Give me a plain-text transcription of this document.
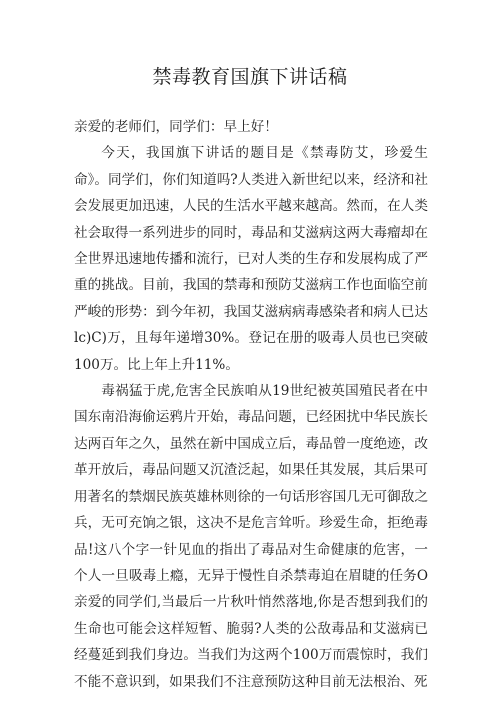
禁毒教育国旗下讲话稿

亲爱的老师们，同学们：早上好！

今天，我国旗下讲话的题目是《禁毒防艾，珍爱生命》。同学们，你们知道吗?人类进入新世纪以来，经济和社会发展更加迅速，人民的生活水平越来越高。然而，在人类社会取得一系列进步的同时，毒品和艾滋病这两大毒瘤却在全世界迅速地传播和流行，已对人类的生存和发展构成了严重的挑战。目前，我国的禁毒和预防艾滋病工作也面临空前严峻的形势：到今年初，我国艾滋病病毒感染者和病人已达lc)C)万，且每年递增30%。登记在册的吸毒人员也已突破100万。比上年上升11%。

毒祸猛于虎,危害全民族咱从19世纪被英国殖民者在中国东南沿海偷运鸦片开始，毒品问题，已经困扰中华民族长达两百年之久，虽然在新中国成立后，毒品曾一度绝迹，改革开放后，毒品问题又沉渣泛起，如果任其发展，其后果可用著名的禁烟民族英雄林则徐的一句话形容国几无可御敌之兵，无可充饷之银，这决不是危言耸听。珍爱生命，拒绝毒品!这八个字一针见血的指出了毒品对生命健康的危害，一个人一旦吸毒上瘾，无异于慢性自杀禁毒迫在眉睫的任务O亲爱的同学们,当最后一片秋叶悄然落地,你是否想到我们的生命也可能会这样短暂、脆弱?人类的公敌毒品和艾滋病已经蔓延到我们身边。当我们为这两个100万而震惊时，我们不能不意识到，如果我们不注意预防这种目前无法根治、死
